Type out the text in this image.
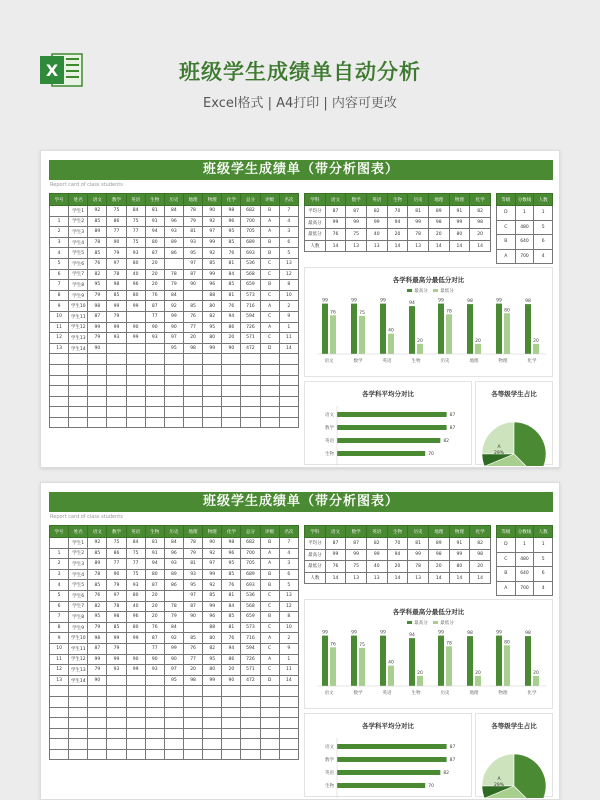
X	班级学生成绩单自动分析
Excel格式 | A4打印 | 内容可更改
班级学生成绩单（带分析图表）
Report card of class students
学号	姓名	语文	数学	英语	生物	历史	地理	物理	化学	总分	评级	名次
	学生1	92	75	84	81	84	78	90	98	682	B	7
1	学生2	85	86	75	91	96	79	92	96	700	A	4
2	学生3	89	77	77	94	93	81	97	95	705	A	3
3	学生4	78	90	75	80	89	93	99	85	689	B	6
4	学生5	85	79	93	87	86	95	92	76	693	B	5
5	学生6	76	97	80	20		97	85	81	536	C	13
6	学生7	82	78	40	20	78	87	99	84	568	C	12
7	学生8	95	98	96	20	79	90	96	85	659	B	8
8	学生9	79	85	80	76	84		88	81	573	C	10
9	学生10	98	99	99	87	92	85	80	76	716	A	2
10	学生11	87	79		77	99	76	82	94	594	C	9
11	学生12	99	99	90	90	90	77	95	86	726	A	1
12	学生13	79	93	99	93	97	20	80	20	571	C	11
13	学生14	90				95	98	99	90	472	D	14

学科	语文	数学	英语	生物	历史	地理	物理	化学
平均分	87	87	82	70	81	89	91	82
最高分	99	99	99	94	99	98	99	98
最低分	76	75	40	20	78	20	80	20
人数	14	13	13	14	13	14	14	14
等级	分数线	人数
D	1	1
C	480	5
B	640	6
A	700	4
各学科最高分最低分对比
最高分	最低分
99
76
语文
99
75
数学
99
40
英语
94
20
生物
99
78
历史
98
20
地理
99
80
物理
98
20
化学
各学科平均分对比
语文	87
数学	87
英语	82
生物	70
各等级学生占比
A
29%
班级学生成绩单（带分析图表）
Report card of class students
学号	姓名	语文	数学	英语	生物	历史	地理	物理	化学	总分	评级	名次
	学生1	92	75	84	81	84	78	90	98	682	B	7
1	学生2	85	86	75	91	96	79	92	96	700	A	4
2	学生3	89	77	77	94	93	81	97	95	705	A	3
3	学生4	78	90	75	80	89	93	99	85	689	B	6
4	学生5	85	79	93	87	86	95	92	76	693	B	5
5	学生6	76	97	80	20		97	85	81	536	C	13
6	学生7	82	78	40	20	78	87	99	84	568	C	12
7	学生8	95	98	96	20	79	90	96	85	659	B	8
8	学生9	79	85	80	76	84		88	81	573	C	10
9	学生10	98	99	99	87	92	85	80	76	716	A	2
10	学生11	87	79		77	99	76	82	94	594	C	9
11	学生12	99	99	90	90	90	77	95	86	726	A	1
12	学生13	79	93	99	93	97	20	80	20	571	C	11
13	学生14	90				95	98	99	90	472	D	14

学科	语文	数学	英语	生物	历史	地理	物理	化学
平均分	87	87	82	70	81	89	91	82
最高分	99	99	99	94	99	98	99	98
最低分	76	75	40	20	78	20	80	20
人数	14	13	13	14	13	14	14	14
等级	分数线	人数
D	1	1
C	480	5
B	640	6
A	700	4
各学科最高分最低分对比
最高分	最低分
99
76
语文
99
75
数学
99
40
英语
94
20
生物
99
78
历史
98
20
地理
99
80
物理
98
20
化学
各学科平均分对比
语文	87
数学	87
英语	82
生物	70
各等级学生占比
A
29%
